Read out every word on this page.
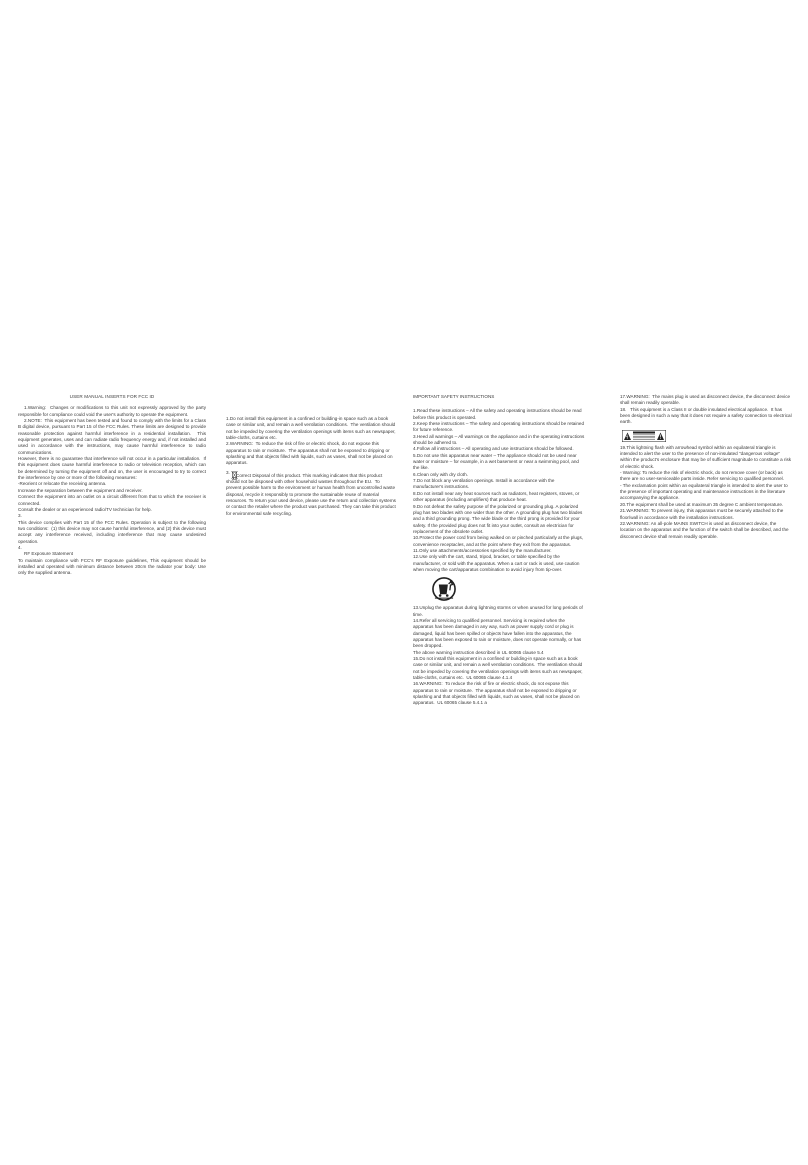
USER MANUAL INSERTS FOR FCC ID

1.Warning:  Changes or modifications to this unit not expressly approved by the party responsible for compliance could void the user's authority to operate the equipment.

2.NOTE:  This equipment has been tested and found to comply with the limits for a Class B digital device, pursuant to Part 15 of the FCC Rules. These limits are designed to provide reasonable protection against harmful interference in a residential installation.  This equipment generates, uses and can radiate radio frequency energy and, if not installed and used in accordance with the instructions, may cause harmful interference to radio communications.

However, there is no guarantee that interference will not occur in a particular installation.  If this equipment does cause harmful interference to radio or television reception, which can be determined by turning the equipment off and on, the user is encouraged to try to correct the interference by one or more of the following measures:

-Reorient or relocate the receiving antenna.

Increase the separation between the equipment and receiver.

Connect the equipment into an outlet on a circuit different from that to which the receiver is connected.

Consult the dealer or an experienced radio/TV technician for help.

3.

This device complies with Part 15 of the FCC Rules. Operation is subject to the following two conditions:  (1) this device may not cause harmful interference, and (2) this device must accept any interference received, including interference that may cause undesired operation.

4.

RF Exposure Statement

To maintain compliance with FCC's RF Exposure guidelines, This equipment should be installed and operated with minimum distance between 20cm the radiator your body: Use only the supplied antenna.

1.Do not install this equipment in a confined or building-in space such as a book case or similar unit, and remain a well ventilation conditions.  The ventilation should not be impeded by covering the ventilation openings with items such as newspaper, table-cloths, curtains etc.

2.WARNING:  To reduce the risk of fire or electric shock, do not expose this apparatus to rain or moisture.  The apparatus shall not be exposed to dripping or splashing and that objects filled with liquids, such as vases, shall not be placed on apparatus.

3.

Correct Disposal of this product. This marking indicates that this product should not be disposed with other household wastes throughout the EU.  To prevent possible harm to the environment or human health from uncontrolled waste disposal, recycle it responsibly to promote the sustainable reuse of material resources. To return your used device, please use the return and collection systems or contact the retailer where the product was purchased. They can take this product for environmental safe recycling.

IMPORTANT SAFETY INSTRUCTIONS

1.Read these instructions – All the safety and operating instructions should be read before this product is operated.

2.Keep these instructions – The safety and operating instructions should be retained for future reference.

3.Heed all warnings – All warnings on the appliance and in the operating instructions should be adhered to.

4.Follow all instructions – All operating and use instructions should be followed.

5.Do not use this apparatus near water – The appliance should not be used near water or moisture – for example, in a wet basement or near a swimming pool, and the like.

6.Clean only with dry cloth.

7.Do not block any ventilation openings. Install in accordance with the manufacturer's instructions.

8.Do not install near any heat sources such as radiators, heat registers, stoves, or other apparatus (including amplifiers) that produce heat.

9.Do not defeat the safety purpose of the polarized or grounding plug. A polarized plug has two blades with one wider than the other. A grounding plug has two blades and a third grounding prong. The wide blade or the third prong is provided for your safety. If the provided plug does not fit into your outlet, consult an electrician for replacement of the obsolete outlet.

10.Protect the power cord from being walked on or pinched particularly at the plugs, convenience receptacles, and at the point where they exit from the apparatus.

11.Only use attachments/accessories specified by the manufacturer.

12.Use only with the cart, stand, tripod, bracket, or table specified by the manufacturer, or sold with the apparatus. When a cart or rack is used, use caution when moving the cart/apparatus combination to avoid injury from tip-over.

13.Unplug the apparatus during lightning storms or when unused for long periods of time.

14.Refer all servicing to qualified personnel. Servicing is required when the apparatus has been damaged in any way, such as power supply cord or plug is damaged, liquid has been spilled or objects have fallen into the apparatus, the apparatus has been exposed to rain or moisture, does not operate normally, or has been dropped.

The above warning instruction described in UL 60065 clause 5.4

15.Do not install this equipment in a confined or building-in space such as a book case or similar unit, and remain a well ventilation conditions.  The ventilation should not be impeded by covering the ventilation openings with items such as newspaper, table-cloths, curtains etc.  UL 60065 clause 4.1.4

16.WARNING:  To reduce the risk of fire or electric shock, do not expose this apparatus to rain or moisture.  The apparatus shall not be exposed to dripping or splashing and that objects filled with liquids, such as vases, shall not be placed on apparatus.  UL 60065 clause 5.4.1 a

17.WARNING:  The mains plug is used as disconnect device, the disconnect device shall remain readily operable.

18.   This equipment is a Class II or double insulated electrical appliance.  It has been designed in such a way that it does not require a safety connection to electrical earth.

19.This lightning flash with arrowhead symbol within an equilateral triangle is intended to alert the user to the presence of non-insulated "dangerous voltage" within the product's enclosure that may be of sufficient magnitude to constitute a risk of electric shock.

- Warning: To reduce the risk of electric shock, do not remove cover (or back) as there are no user-serviceable parts inside. Refer servicing to qualified personnel.

- The exclamation point within an equilateral triangle is intended to alert the user to the presence of important operating and maintenance instructions in the literature accompanying the appliance.

20.The equipment shall be used at maximum 35 degree C ambient temperature.

21.WARNING: To prevent injury, this apparatus must be securely attached to the floor/wall in accordance with the installation instructions.

22.WARNING: An all-pole MAINS SWITCH is used as disconnect device, the location on the apparatus and the function of the switch shall be described, and the disconnect device shall remain readily operable.
